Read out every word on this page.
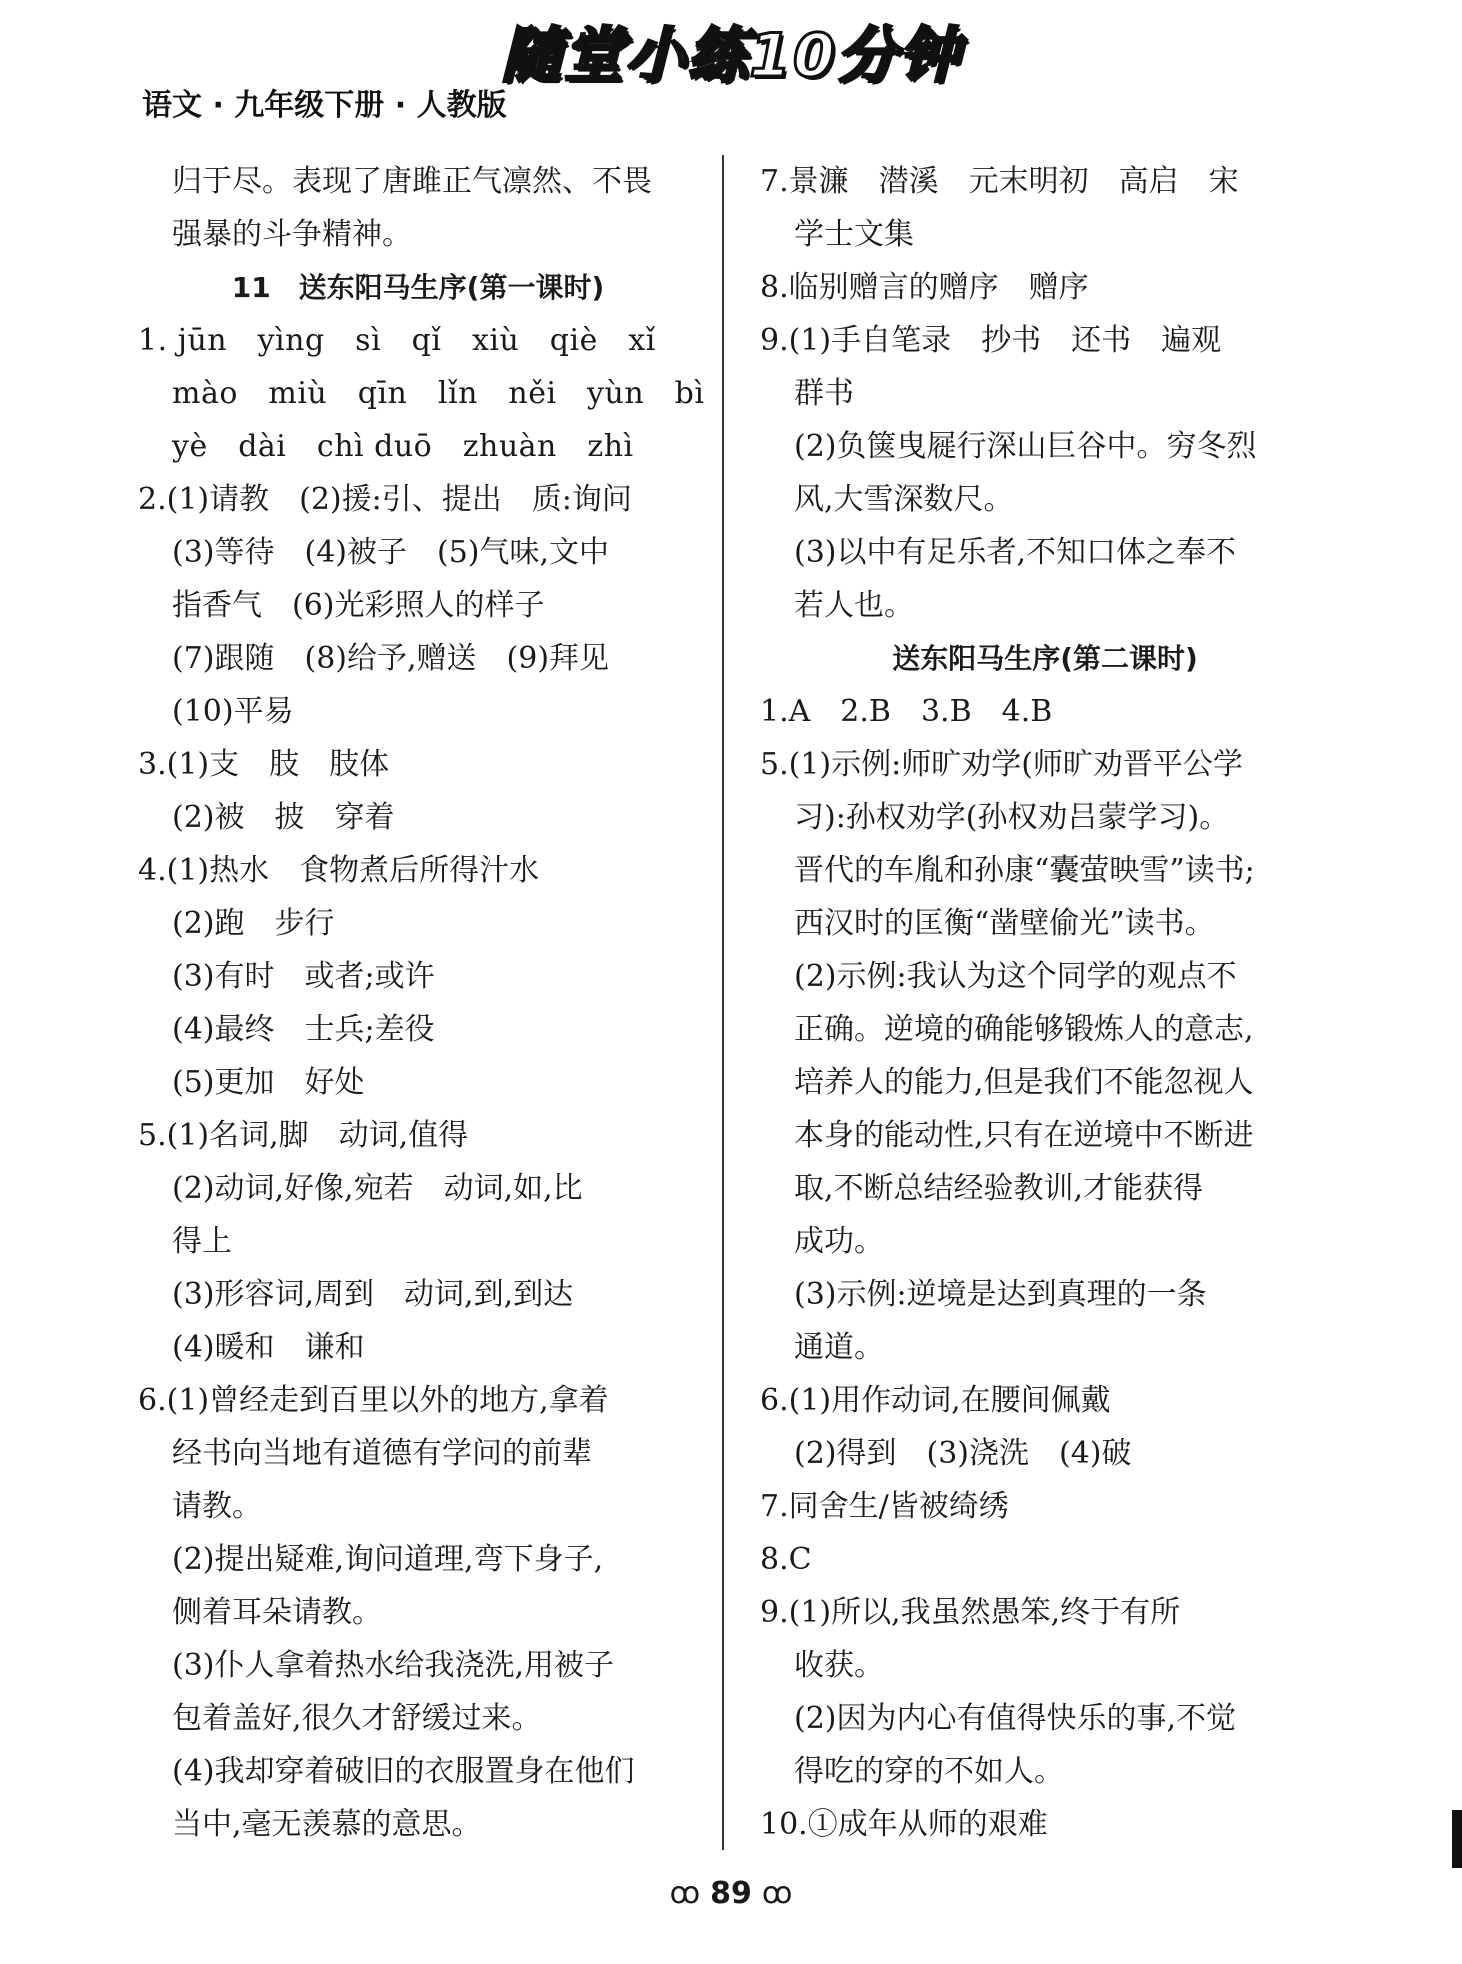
随堂小练10分钟
语文 · 九年级下册 · 人教版
归于尽。表现了唐雎正气凛然、不畏
强暴的斗争精神。
11　送东阳马生序(第一课时)
1. jūn　yìng　sì　qǐ　xiù　qiè　xǐ
mào　miù　qīn　lǐn　něi　yùn　bì
yè　dài　chì duō　zhuàn　zhì
2.(1)请教　(2)援:引、提出　质:询问
(3)等待　(4)被子　(5)气味,文中
指香气　(6)光彩照人的样子
(7)跟随　(8)给予,赠送　(9)拜见
(10)平易
3.(1)支　肢　肢体
(2)被　披　穿着
4.(1)热水　食物煮后所得汁水
(2)跑　步行
(3)有时　或者;或许
(4)最终　士兵;差役
(5)更加　好处
5.(1)名词,脚　动词,值得
(2)动词,好像,宛若　动词,如,比
得上
(3)形容词,周到　动词,到,到达
(4)暖和　谦和
6.(1)曾经走到百里以外的地方,拿着
经书向当地有道德有学问的前辈
请教。
(2)提出疑难,询问道理,弯下身子,
侧着耳朵请教。
(3)仆人拿着热水给我浇洗,用被子
包着盖好,很久才舒缓过来。
(4)我却穿着破旧的衣服置身在他们
当中,毫无羡慕的意思。
7.景濂　潜溪　元末明初　高启　宋
学士文集
8.临别赠言的赠序　赠序
9.(1)手自笔录　抄书　还书　遍观
群书
(2)负箧曳屣行深山巨谷中。穷冬烈
风,大雪深数尺。
(3)以中有足乐者,不知口体之奉不
若人也。
送东阳马生序(第二课时)
1.A　2.B　3.B　4.B
5.(1)示例:师旷劝学(师旷劝晋平公学
习):孙权劝学(孙权劝吕蒙学习)。
晋代的车胤和孙康“囊萤映雪”读书;
西汉时的匡衡“凿壁偷光”读书。
(2)示例:我认为这个同学的观点不
正确。逆境的确能够锻炼人的意志,
培养人的能力,但是我们不能忽视人
本身的能动性,只有在逆境中不断进
取,不断总结经验教训,才能获得
成功。
(3)示例:逆境是达到真理的一条
通道。
6.(1)用作动词,在腰间佩戴
(2)得到　(3)浇洗　(4)破
7.同舍生/皆被绮绣
8.C
9.(1)所以,我虽然愚笨,终于有所
收获。
(2)因为内心有值得快乐的事,不觉
得吃的穿的不如人。
10.①成年从师的艰难
ꝏ 89 ꝏ
